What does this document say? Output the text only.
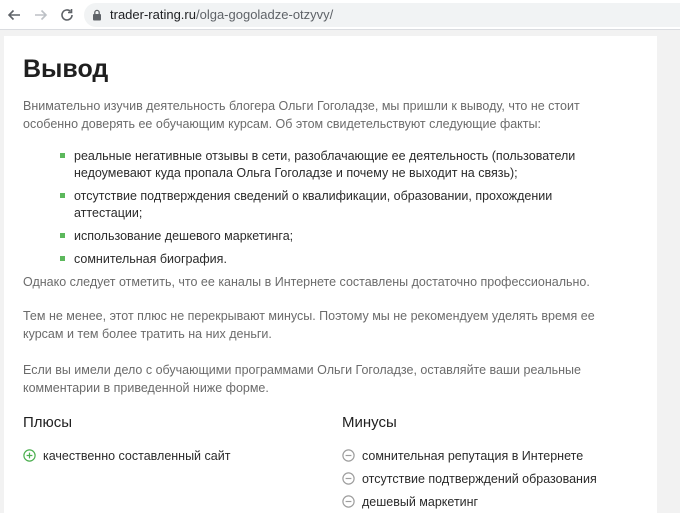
trader-rating.ru/olga-gogoladze-otzyvy/
Вывод

Внимательно изучив деятельность блогера Ольги Гоголадзе, мы пришли к выводу, что не стоит особенно доверять ее обучающим курсам. Об этом свидетельствуют следующие факты:

реальные негативные отзывы в сети, разоблачающие ее деятельность (пользователи недоумевают куда пропала Ольга Гоголадзе и почему не выходит на связь);
отсутствие подтверждения сведений о квалификации, образовании, прохождении аттестации;
использование дешевого маркетинга;
сомнительная биография.

Однако следует отметить, что ее каналы в Интернете составлены достаточно профессионально.

Тем не менее, этот плюс не перекрывают минусы. Поэтому мы не рекомендуем уделять время ее курсам и тем более тратить на них деньги.

Если вы имели дело с обучающими программами Ольги Гоголадзе, оставляйте ваши реальные комментарии в приведенной ниже форме.

Плюсы	Минусы
качественно составленный сайт	сомнительная репутация в Интернете
отсутствие подтверждений образования
дешевый маркетинг
